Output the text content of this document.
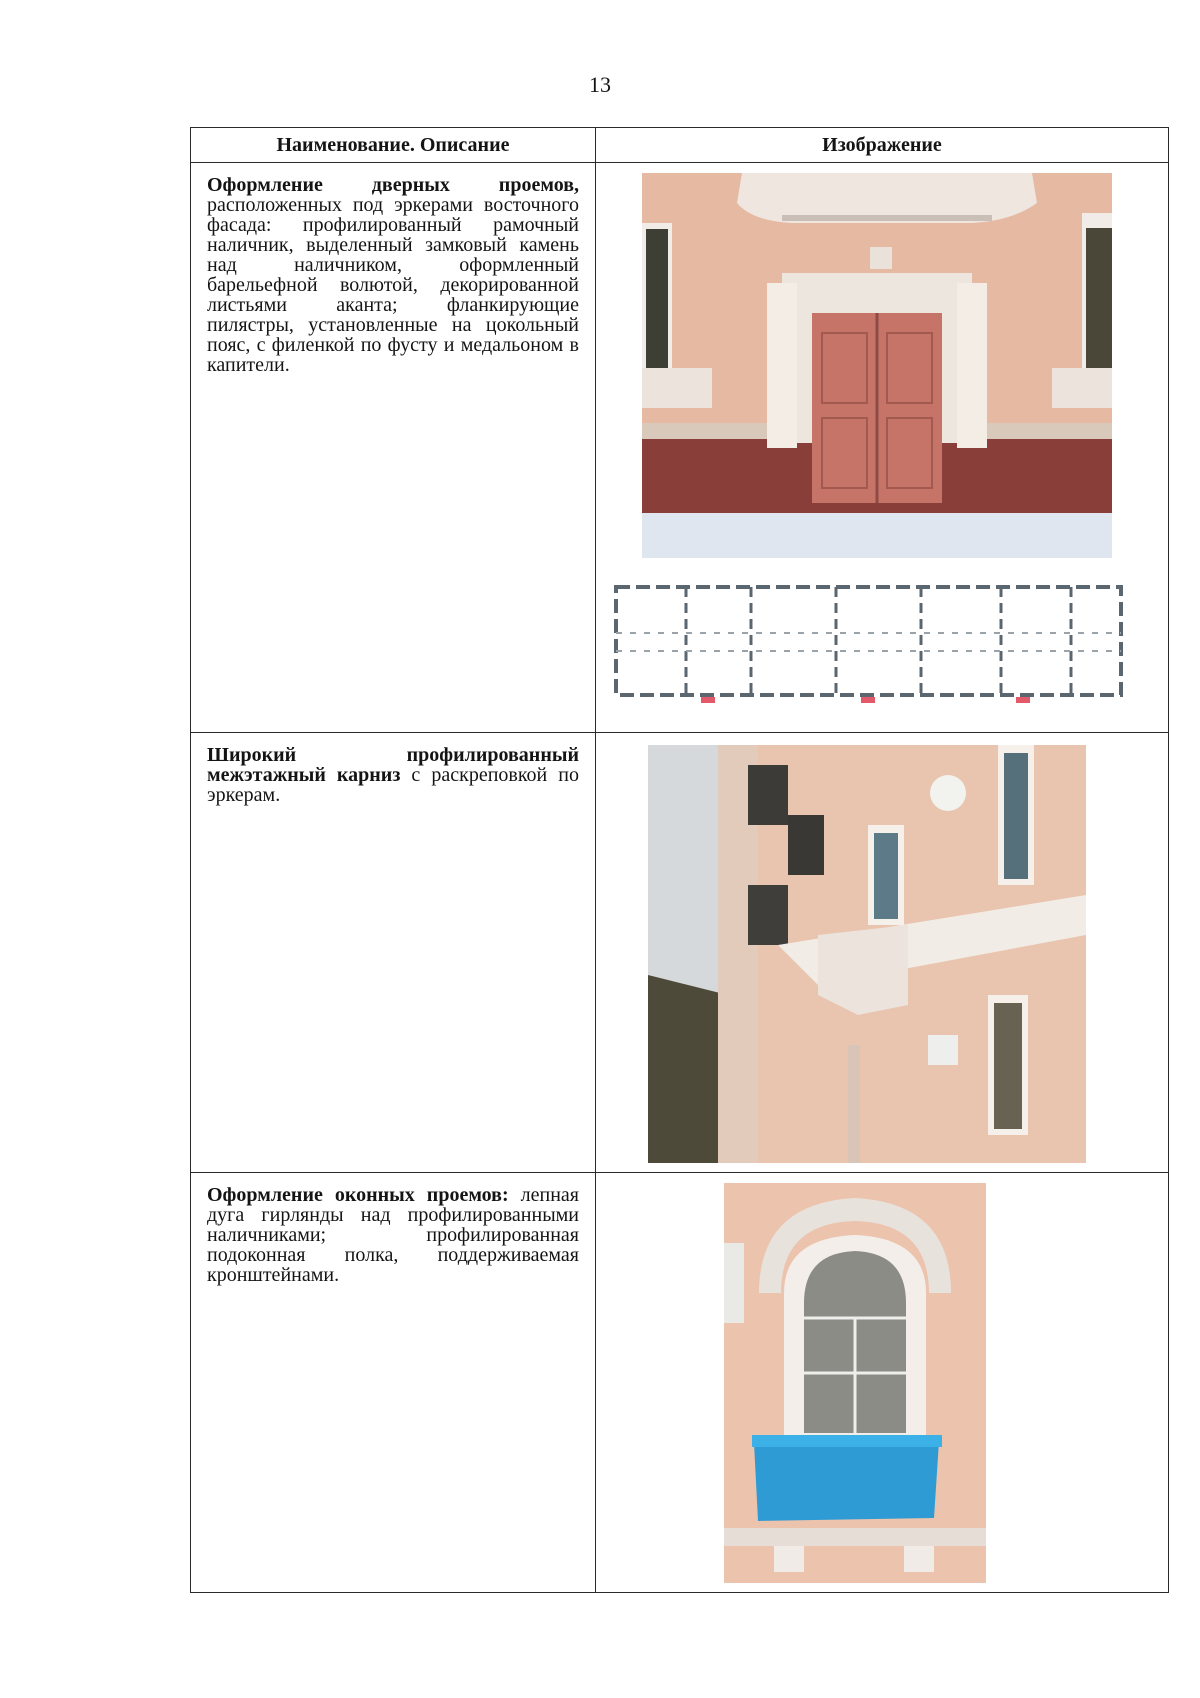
13
Наименование. Описание	Изображение

Оформление дверных проемов, расположенных под эркерами восточного фасада: профилированный рамочный наличник, выделенный замковый камень над наличником, оформленный барельефной волютой, декорированной листьями аканта; фланкирующие пилястры, установленные на цокольный пояс, с филенкой по фусту и медальоном в капители.

Широкий профилированный межэтажный карниз с раскреповкой по эркерам.

Оформление оконных проемов: лепная дуга гирлянды над профилированными наличниками; профилированная подоконная полка, поддерживаемая кронштейнами.
